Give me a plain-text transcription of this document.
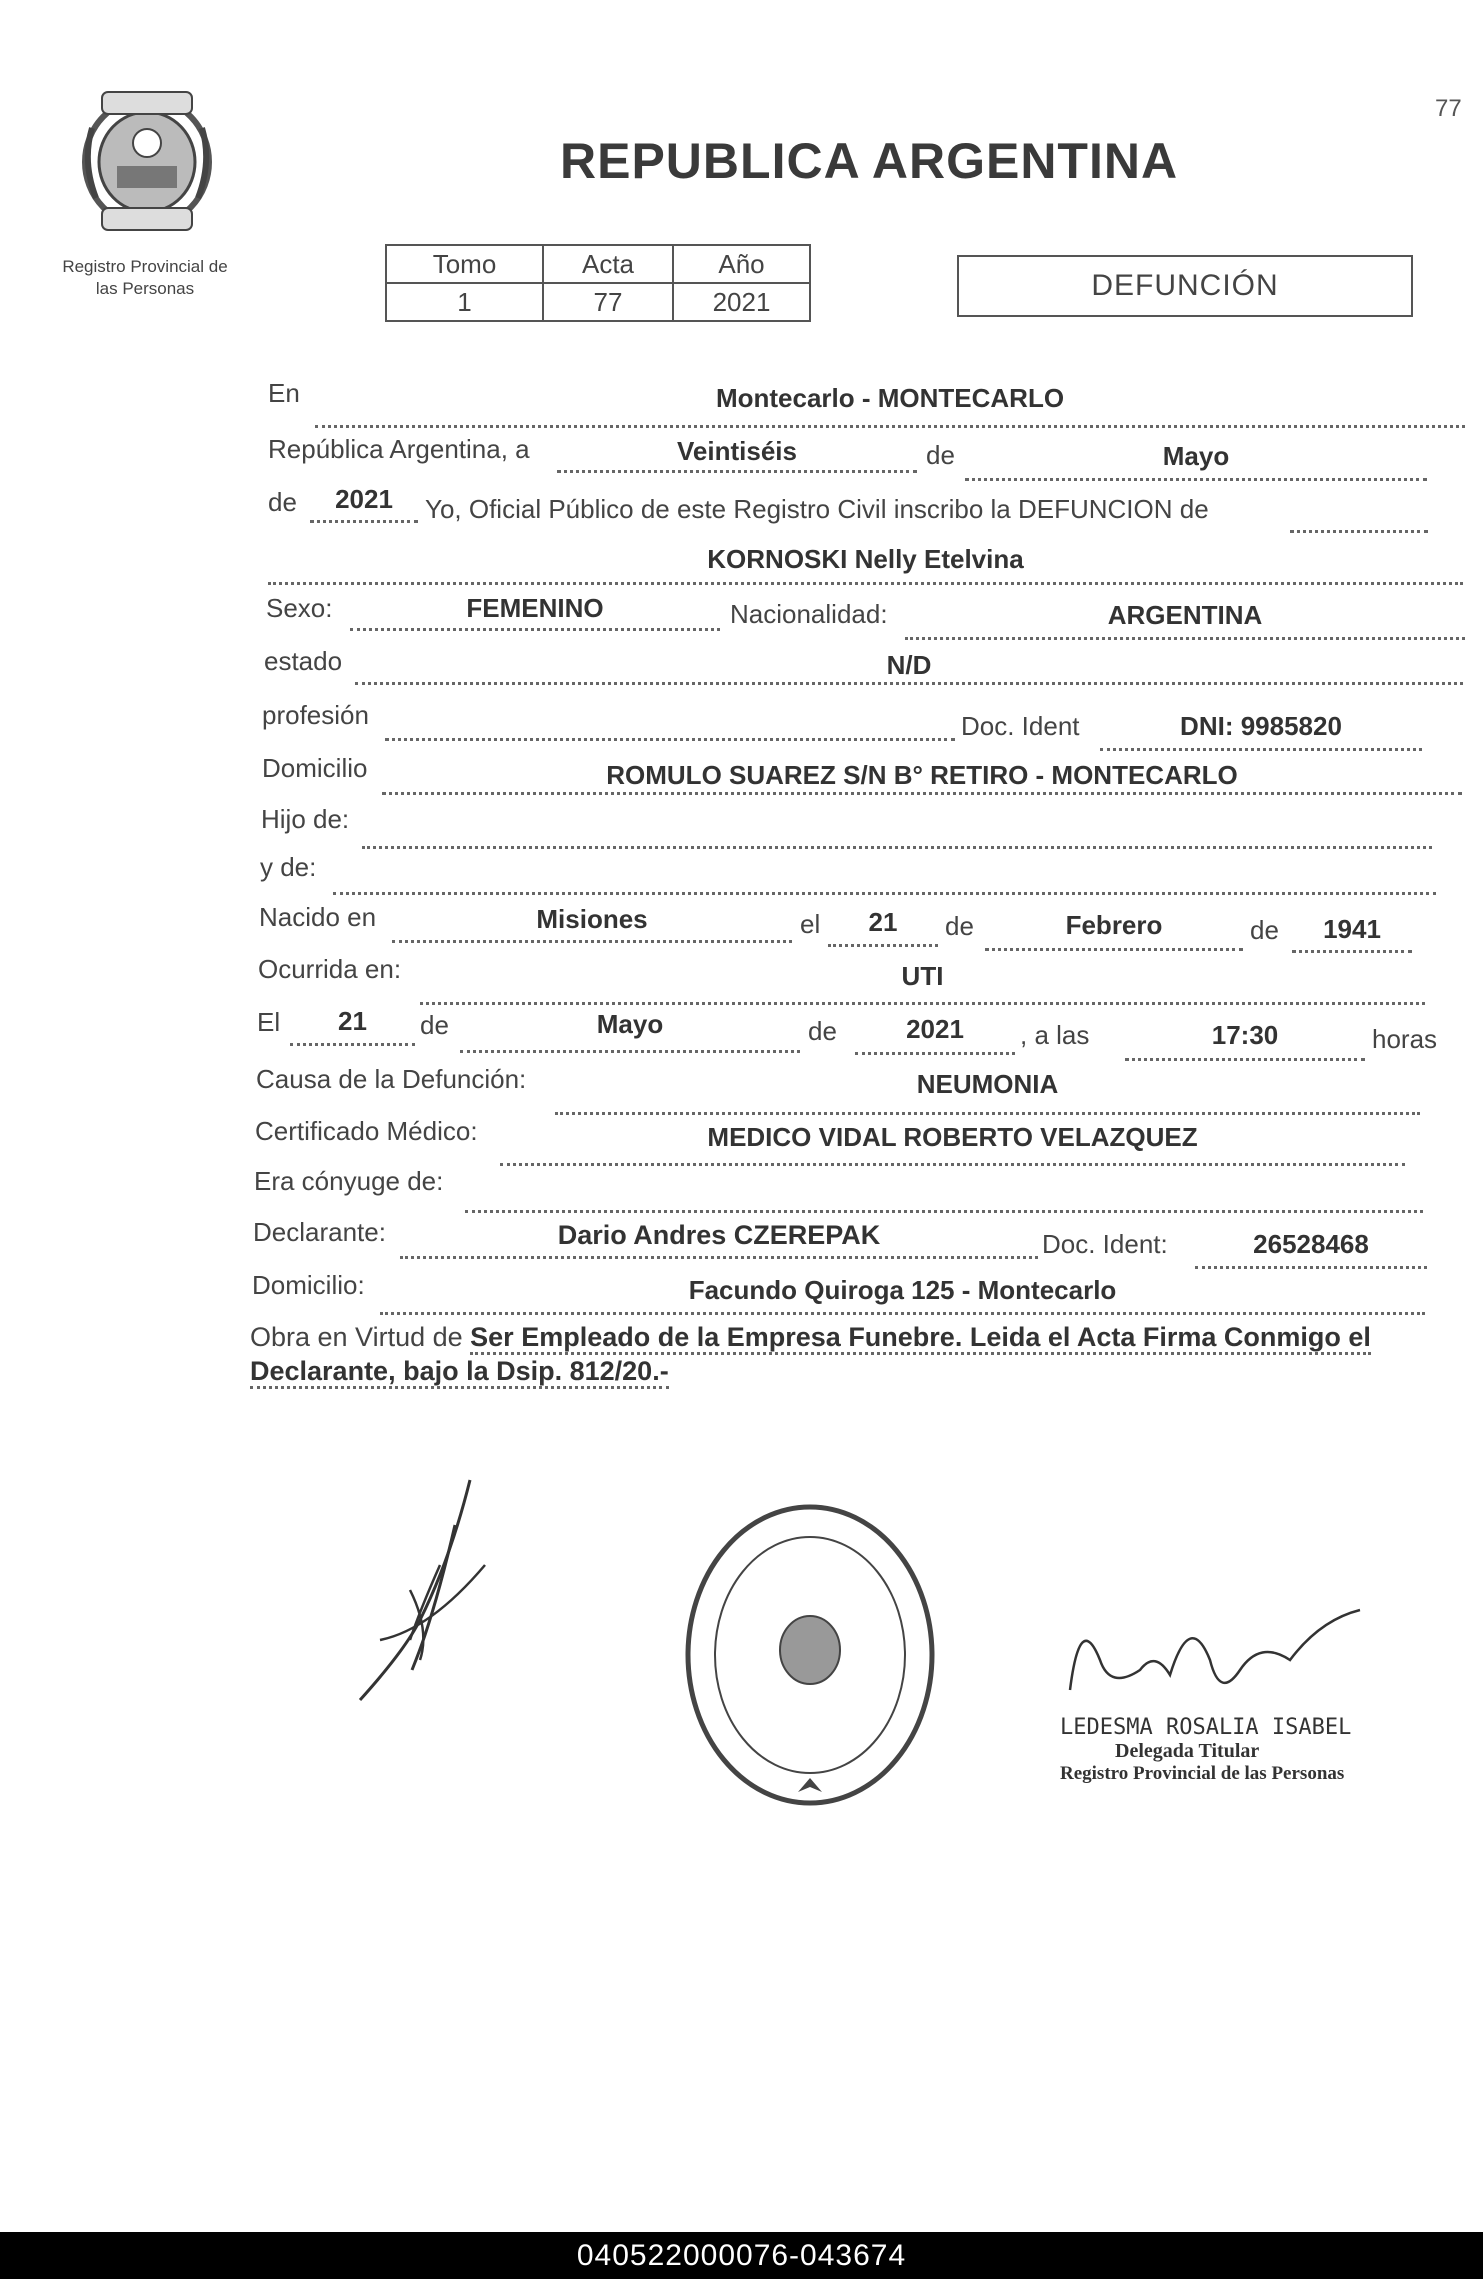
77
Registro Provincial de
las Personas
REPUBLICA ARGENTINA
Tomo	Acta	Año
1	77	2021	DEFUNCIÓN
En	Montecarlo - MONTECARLO
República Argentina, a	Veintiséis	de	Mayo
de	2021	Yo, Oficial Público de este Registro Civil inscribo la DEFUNCION de
KORNOSKI Nelly Etelvina
Sexo:	FEMENINO	Nacionalidad:	ARGENTINA
estado	N/D
profesión	Doc. Ident	DNI: 9985820
Domicilio	ROMULO SUAREZ S/N B° RETIRO - MONTECARLO
Hijo de:
y de:
Nacido en	Misiones	el	21	de	Febrero	de	1941
Ocurrida en:	UTI
El	21	de	Mayo	de	2021	, a las	17:30	horas
Causa de la Defunción:	NEUMONIA
Certificado Médico:	MEDICO VIDAL ROBERTO VELAZQUEZ
Era cónyuge de:
Declarante:	Dario Andres CZEREPAK	Doc. Ident:	26528468
Domicilio:	Facundo Quiroga 125 - Montecarlo
Obra en Virtud de Ser Empleado de la Empresa Funebre. Leida el Acta Firma Conmigo el Declarante, bajo la Dsip. 812/20.-
LEDESMA ROSALIA ISABEL
Delegada Titular
Registro Provincial de las Personas
040522000076-043674
